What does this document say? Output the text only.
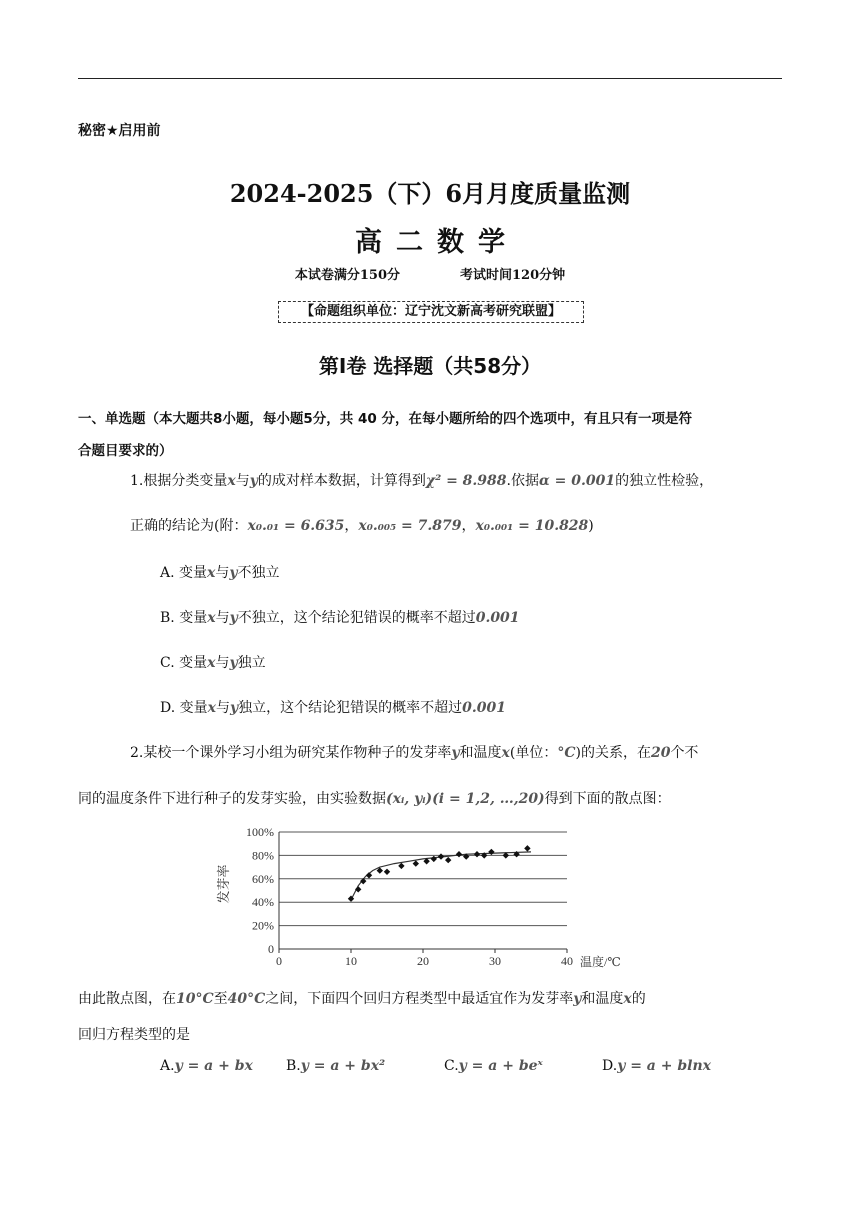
秘密★启用前
2024-2025（下）6月月度质量监测
高二数学
本试卷满分150分	考试时间120分钟
【命题组织单位：辽宁沈文新高考研究联盟】
第Ⅰ卷 选择题（共58分）
一、单选题（本大题共8小题，每小题5分，共 40 分，在每小题所给的四个选项中，有且只有一项是符
合题目要求的）
1.根据分类变量x与y的成对样本数据，计算得到χ² = 8.988.依据α = 0.001的独立性检验，
正确的结论为(附：x₀.₀₁ = 6.635，x₀.₀₀₅ = 7.879，x₀.₀₀₁ = 10.828)
A. 变量x与y不独立
B. 变量x与y不独立，这个结论犯错误的概率不超过0.001
C. 变量x与y独立
D. 变量x与y独立，这个结论犯错误的概率不超过0.001
2.某校一个课外学习小组为研究某作物种子的发芽率y和温度x(单位：°C)的关系，在20个不
同的温度条件下进行种子的发芽实验，由实验数据(xᵢ, yᵢ)(i = 1,2, …,20)得到下面的散点图：
0
20%
40%
60%
80%
100%
0	10	20	30	40
发芽率
温度/℃
由此散点图，在10°C至40°C之间，下面四个回归方程类型中最适宜作为发芽率y和温度x的
回归方程类型的是
A.y = a + bx B.y = a + bx²	C.y = a + beˣ	D.y = a + blnx
